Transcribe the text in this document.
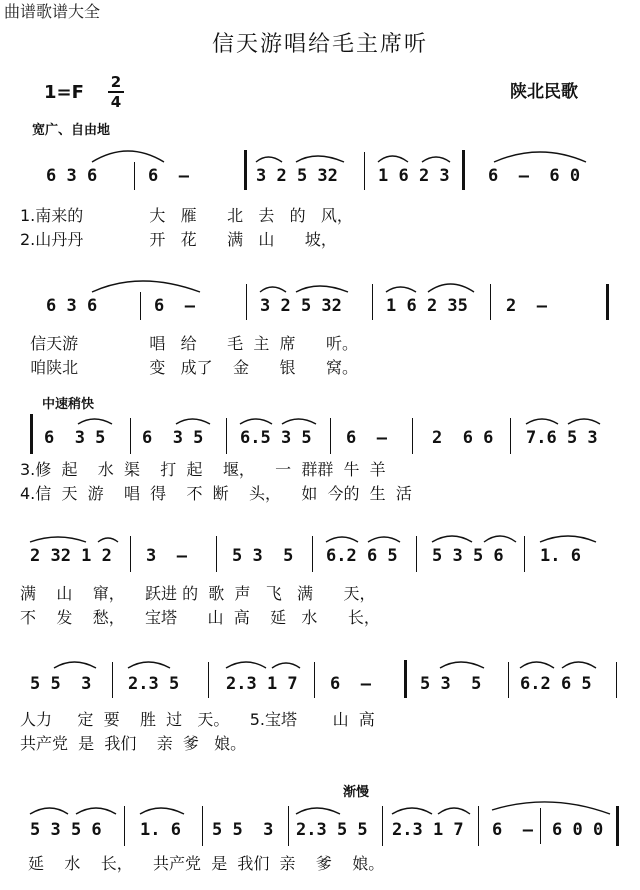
曲谱歌谱大全
信天游唱给毛主席听
1=F 2
4	陕北民歌
宽广、自由地
中速稍快
渐慢
6 3 6	6  –	3 2 5 32 1 6 2 3 6  –  6 0
1.南来的             大   雁      北   去   的   风，
2.山丹丹             开   花      满   山      坡，
6 3 6	6  –	3 2 5 32	1 6 2 35 2  –
信天游              唱   给      毛  主  席      听。
咱陕北              变   成了    金      银      窝。
6  3 5 6  3 5 6.5 3 5 6  –	2  6 6 7.6 5 3
3.修  起    水  渠    打  起    堰，    一  群群  牛  羊
4.信  天  游    唱  得    不  断    头，    如  今的  生  活
2 32 1 2 3  –	5 3  5 6.2 6 5 5 3 5 6 1. 6
满    山    窜，    跃进 的  歌  声   飞   满      天，
不    发    愁，    宝塔      山  高    延   水      长，
5 5  3 2.3 5	2.3 1 7 6  –	5 3  5 6.2 6 5
人力     定  要    胜  过   天。    5.宝塔       山  高
共产党  是  我们    亲  爹   娘。
5 3 5 6 1. 6 5 5  3 2.3 5 5 2.3 1 7 6  – 6 0 0
延    水    长，    共产党  是  我们  亲    爹    娘。
